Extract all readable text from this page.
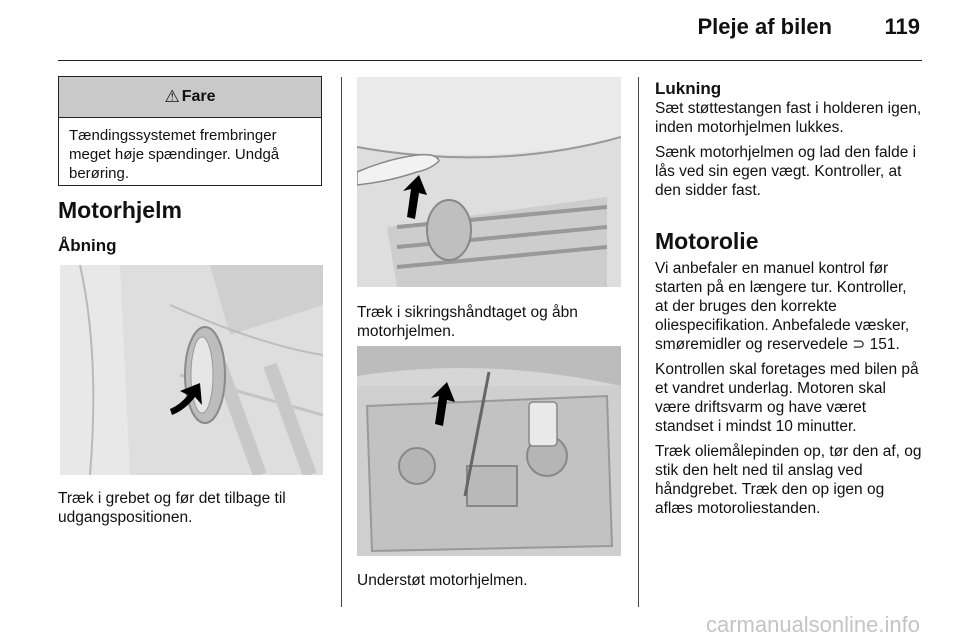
Pleje af bilen 119
⚠ Fare
Tændingssystemet frembringer meget høje spændinger. Undgå berøring.
Motorhjelm
Åbning
Træk i grebet og før det tilbage til udgangspositionen.
Træk i sikringshåndtaget og åbn motorhjelmen.
Understøt motorhjelmen.
Lukning

Sæt støttestangen fast i holderen igen, inden motorhjelmen lukkes.

Sænk motorhjelmen og lad den falde i lås ved sin egen vægt. Kontroller, at den sidder fast.

Motorolie

Vi anbefaler en manuel kontrol før starten på en længere tur. Kontroller, at der bruges den korrekte oliespecifikation. Anbefalede væsker, smøremidler og reservedele ⊃ 151.

Kontrollen skal foretages med bilen på et vandret underlag. Motoren skal være driftsvarm og have været standset i mindst 10 minutter.

Træk oliemålepinden op, tør den af, og stik den helt ned til anslag ved håndgrebet. Træk den op igen og aflæs motoroliestanden.

carmanualsonline.info
